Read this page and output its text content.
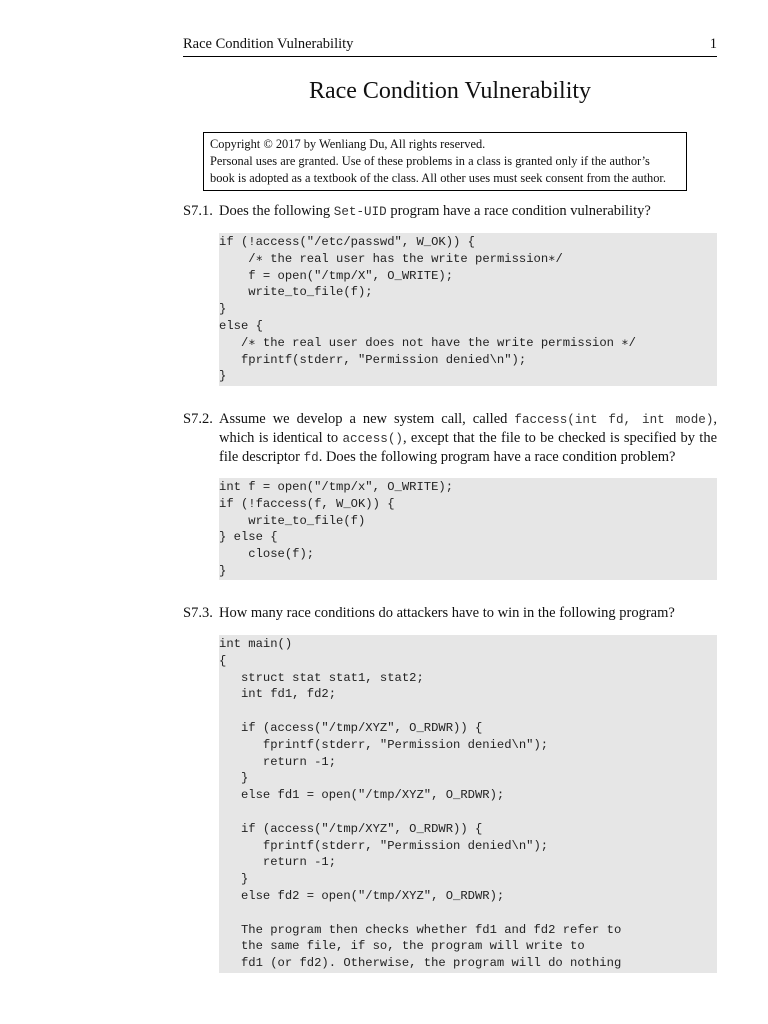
Race Condition Vulnerability	1
Race Condition Vulnerability
Copyright © 2017 by Wenliang Du, All rights reserved.
Personal uses are granted. Use of these problems in a class is granted only if the author’s
book is adopted as a textbook of the class. All other uses must seek consent from the author.
S7.1. Does the following Set-UID program have a race condition vulnerability?
if (!access("/etc/passwd", W_OK)) {
/∗ the real user has the write permission∗/
f = open("/tmp/X", O_WRITE);
write_to_file(f);
}
else {
/∗ the real user does not have the write permission ∗/
fprintf(stderr, "Permission denied\n");
}
S7.2. Assume we develop a new system call, called faccess(int fd, int mode), which is identical to access(), except that the file to be checked is specified by the file descriptor fd. Does the following program have a race condition problem?
int f = open("/tmp/x", O_WRITE);
if (!faccess(f, W_OK)) {
write_to_file(f)
} else {
close(f);
}
S7.3. How many race conditions do attackers have to win in the following program?
int main()
{
struct stat stat1, stat2;
int fd1, fd2;
if (access("/tmp/XYZ", O_RDWR)) {
fprintf(stderr, "Permission denied\n");
return -1;
}
else fd1 = open("/tmp/XYZ", O_RDWR);
if (access("/tmp/XYZ", O_RDWR)) {
fprintf(stderr, "Permission denied\n");
return -1;
}
else fd2 = open("/tmp/XYZ", O_RDWR);
The program then checks whether fd1 and fd2 refer to
the same file, if so, the program will write to
fd1 (or fd2). Otherwise, the program will do nothing
